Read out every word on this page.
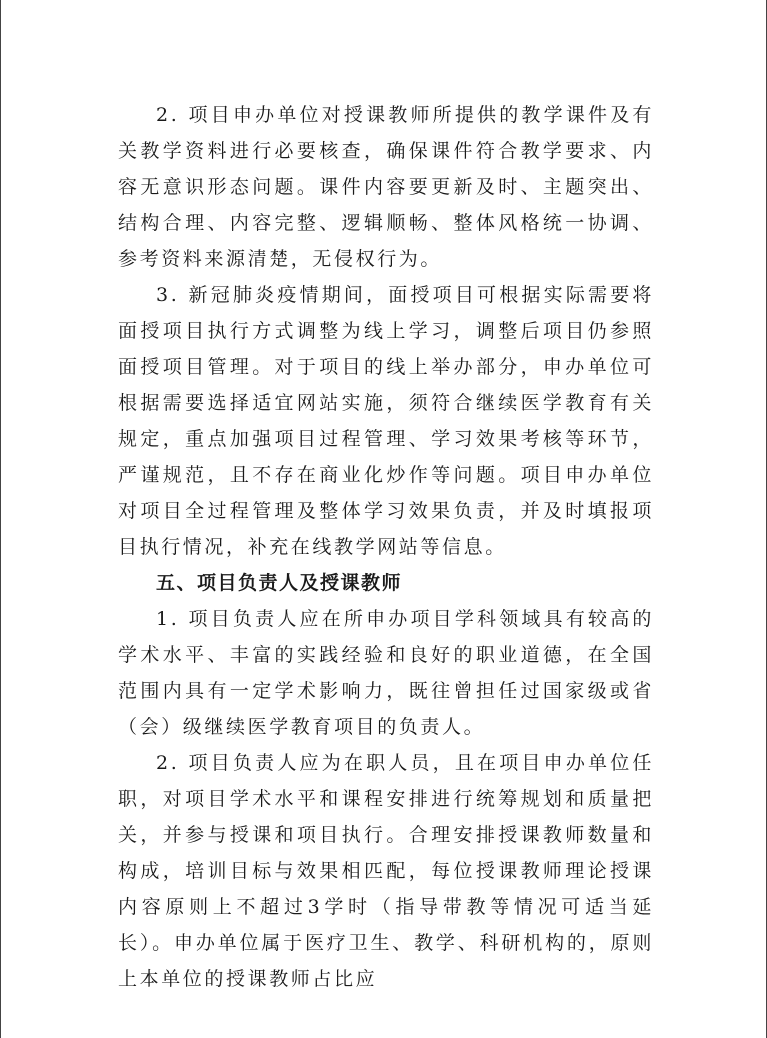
2. 项目申办单位对授课教师所提供的教学课件及有关教学资料进行必要核查，确保课件符合教学要求、内容无意识形态问题。课件内容要更新及时、主题突出、结构合理、内容完整、逻辑顺畅、整体风格统一协调、参考资料来源清楚，无侵权行为。

3. 新冠肺炎疫情期间，面授项目可根据实际需要将面授项目执行方式调整为线上学习，调整后项目仍参照面授项目管理。对于项目的线上举办部分，申办单位可根据需要选择适宜网站实施，须符合继续医学教育有关规定，重点加强项目过程管理、学习效果考核等环节，严谨规范，且不存在商业化炒作等问题。项目申办单位对项目全过程管理及整体学习效果负责，并及时填报项目执行情况，补充在线教学网站等信息。

五、项目负责人及授课教师

1. 项目负责人应在所申办项目学科领域具有较高的学术水平、丰富的实践经验和良好的职业道德，在全国范围内具有一定学术影响力，既往曾担任过国家级或省（会）级继续医学教育项目的负责人。

2. 项目负责人应为在职人员，且在项目申办单位任职，对项目学术水平和课程安排进行统筹规划和质量把关，并参与授课和项目执行。合理安排授课教师数量和构成，培训目标与效果相匹配，每位授课教师理论授课内容原则上不超过3学时（指导带教等情况可适当延长）。申办单位属于医疗卫生、教学、科研机构的，原则上本单位的授课教师占比应
